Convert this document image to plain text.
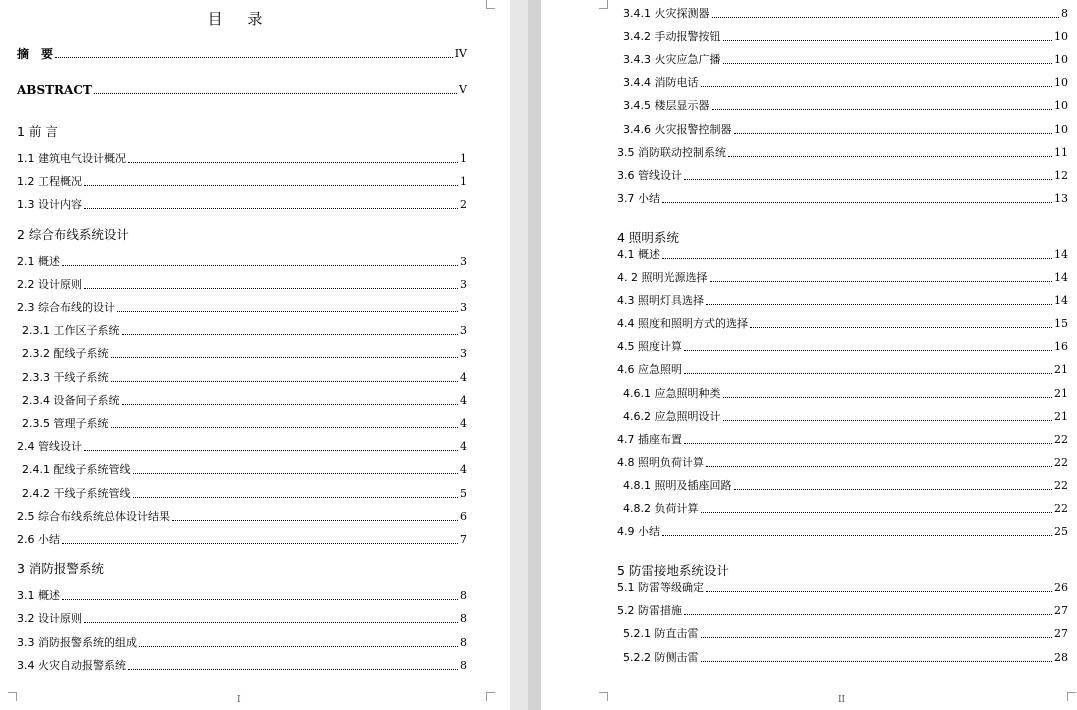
目 录
摘　要	IV
ABSTRACT	V
1 前 言
1.1 建筑电气设计概况	1
1.2 工程概况	1
1.3 设计内容	2
2 综合布线系统设计
2.1 概述	3
2.2 设计原则	3
2.3 综合布线的设计	3
2.3.1 工作区子系统	3
2.3.2 配线子系统	3
2.3.3 干线子系统	4
2.3.4 设备间子系统	4
2.3.5 管理子系统	4
2.4 管线设计	4
2.4.1 配线子系统管线	4
2.4.2 干线子系统管线	5
2.5 综合布线系统总体设计结果	6
2.6 小结	7
3 消防报警系统
3.1 概述	8
3.2 设计原则	8
3.3 消防报警系统的组成	8
3.4 火灾自动报警系统	8
I
3.4.1 火灾探测器	8
3.4.2 手动报警按钮	10
3.4.3 火灾应急广播	10
3.4.4 消防电话	10
3.4.5 楼层显示器	10
3.4.6 火灾报警控制器	10
3.5 消防联动控制系统	11
3.6 管线设计	12
3.7 小结	13
4 照明系统
4.1 概述	14
4. 2 照明光源选择	14
4.3 照明灯具选择	14
4.4 照度和照明方式的选择	15
4.5 照度计算	16
4.6 应急照明	21
4.6.1 应急照明种类	21
4.6.2 应急照明设计	21
4.7 插座布置	22
4.8 照明负荷计算	22
4.8.1 照明及插座回路	22
4.8.2 负荷计算	22
4.9 小结	25
5 防雷接地系统设计
5.1 防雷等级确定	26
5.2 防雷措施	27
5.2.1 防直击雷	27
5.2.2 防侧击雷	28
II
